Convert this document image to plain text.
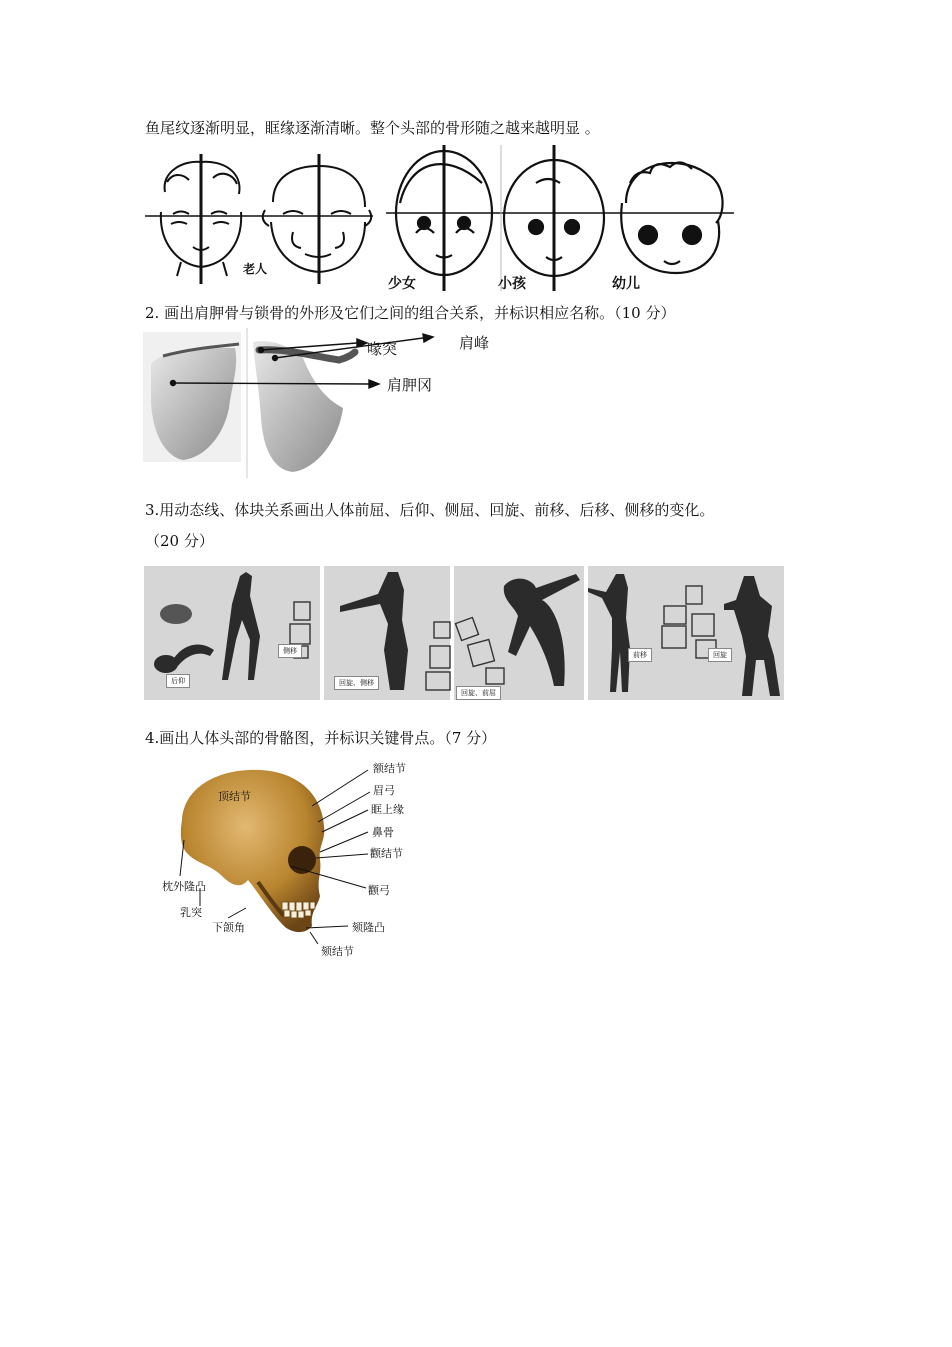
鱼尾纹逐渐明显，眶缘逐渐清晰。整个头部的骨形随之越来越明显 。
2. 画出肩胛骨与锁骨的外形及它们之间的组合关系，并标识相应名称。（10 分）
3.用动态线、体块关系画出人体前屈、后仰、侧屈、回旋、前移、后移、侧移的变化。
（20 分）
4.画出人体头部的骨骼图，并标识关键骨点。（7 分）
老人
少女	小孩	幼儿
喙突	肩峰
肩胛冈
侧移
后仰	回旋、侧移
回旋、前屈
前移	回旋
顶结节
额结节
眉弓
眶上缘
鼻骨
颧结节
颧弓
枕外隆凸
乳突
下颌角	颏隆凸
颏结节
